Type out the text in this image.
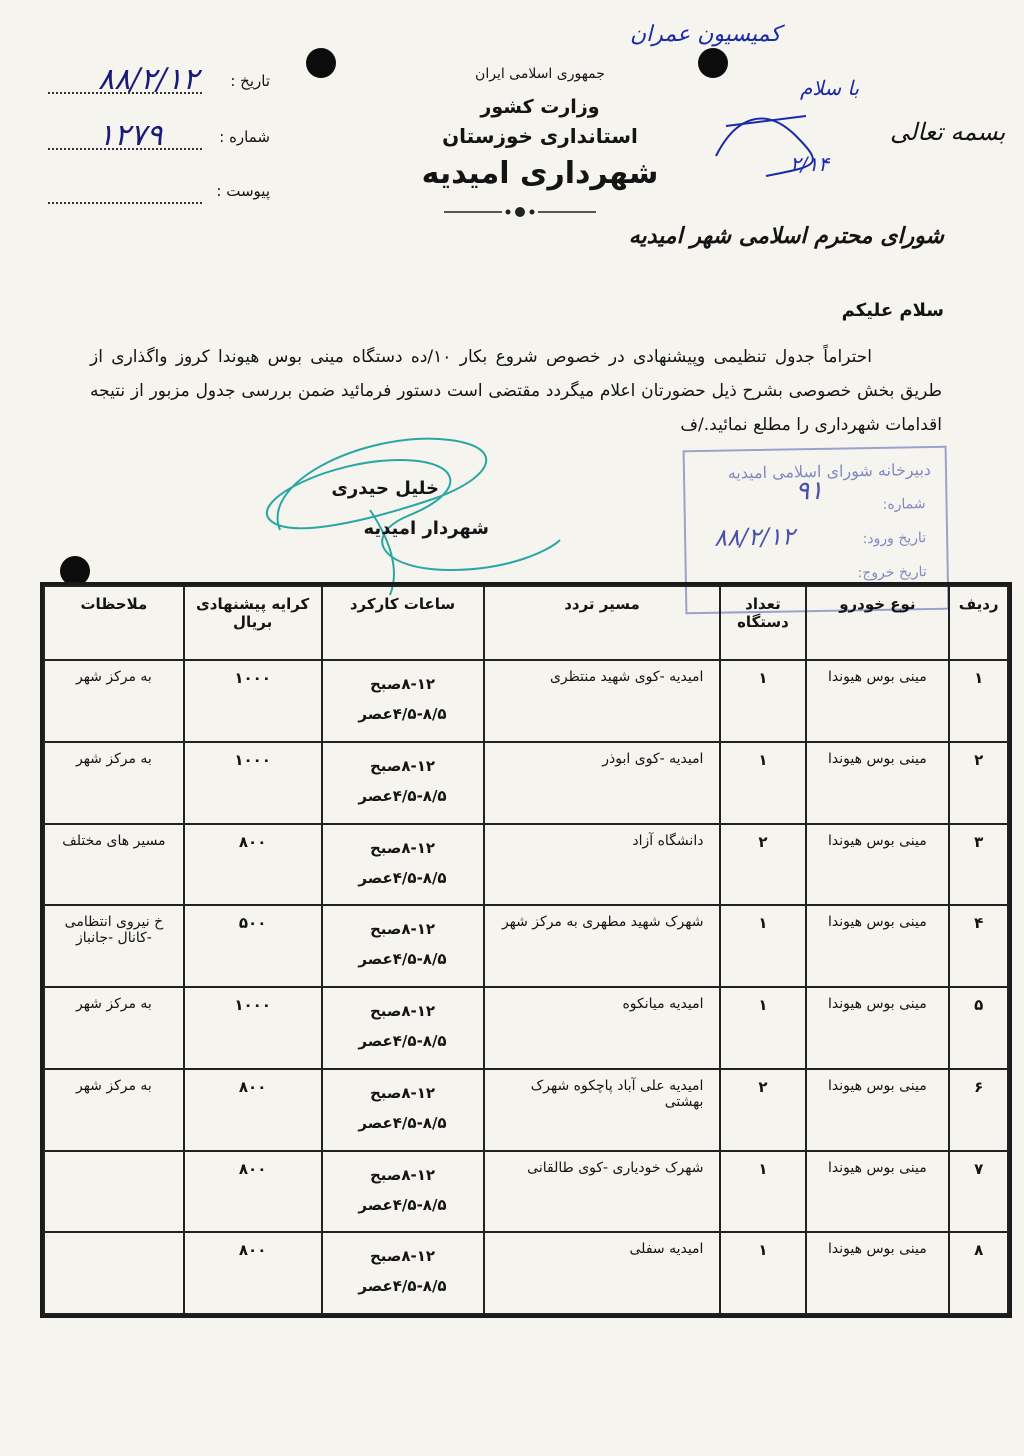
تاریخ :
۸۸/۲/۱۲
شماره :
۱۲۷۹
پیوست :
جمهوری اسلامی ایران
وزارت کشور
استانداری خوزستان
شهرداری امیدیه
بسمه تعالی
با سلام
کمیسیون عمران
۲/۱۴
شورای محترم اسلامی شهر امیدیه
سلام علیکم

احتراماً جدول تنظیمی وپیشنهادی در خصوص شروع بکار ۱۰/ده دستگاه مینی بوس هیوندا کروز واگذاری از طریق بخش خصوصی بشرح ذیل حضورتان اعلام میگردد مقتضی است دستور فرمائید ضمن بررسی جدول مزبور از نتیجه اقدامات شهرداری را مطلع نمائید./ف

خلیل حیدری
شهردار امیدیه
دبیرخانه شورای اسلامی امیدیه
شماره:
۹۱
تاریخ ورود:
۸۸/۲/۱۲
تاریخ خروج:
ردیف	نوع خودرو	تعداد دستگاه	مسیر تردد	ساعات کارکرد	کرایه پیشنهادی بریال	ملاحظات
۱	مینی بوس هیوندا	۱	امیدیه -کوی شهید منتظری	۸-۱۲صبح
۴/۵-۸/۵عصر	۱۰۰۰	به مرکز شهر
۲	مینی بوس هیوندا	۱	امیدیه -کوی ابوذر	۸-۱۲صبح
۴/۵-۸/۵عصر	۱۰۰۰	به مرکز شهر
۳	مینی بوس هیوندا	۲	دانشگاه آزاد	۸-۱۲صبح
۴/۵-۸/۵عصر	۸۰۰	مسیر های مختلف
۴	مینی بوس هیوندا	۱	شهرک شهید مطهری به مرکز شهر	۸-۱۲صبح
۴/۵-۸/۵عصر	۵۰۰	خ نیروی انتظامی -کانال -جانباز
۵	مینی بوس هیوندا	۱	امیدیه میانکوه	۸-۱۲صبح
۴/۵-۸/۵عصر	۱۰۰۰	به مرکز شهر
۶	مینی بوس هیوندا	۲	امیدیه علی آباد پاچکوه شهرک بهشتی	۸-۱۲صبح
۴/۵-۸/۵عصر	۸۰۰	به مرکز شهر
۷	مینی بوس هیوندا	۱	شهرک خودیاری -کوی طالقانی	۸-۱۲صبح
۴/۵-۸/۵عصر	۸۰۰	
۸	مینی بوس هیوندا	۱	امیدیه سفلی	۸-۱۲صبح
۴/۵-۸/۵عصر	۸۰۰	
